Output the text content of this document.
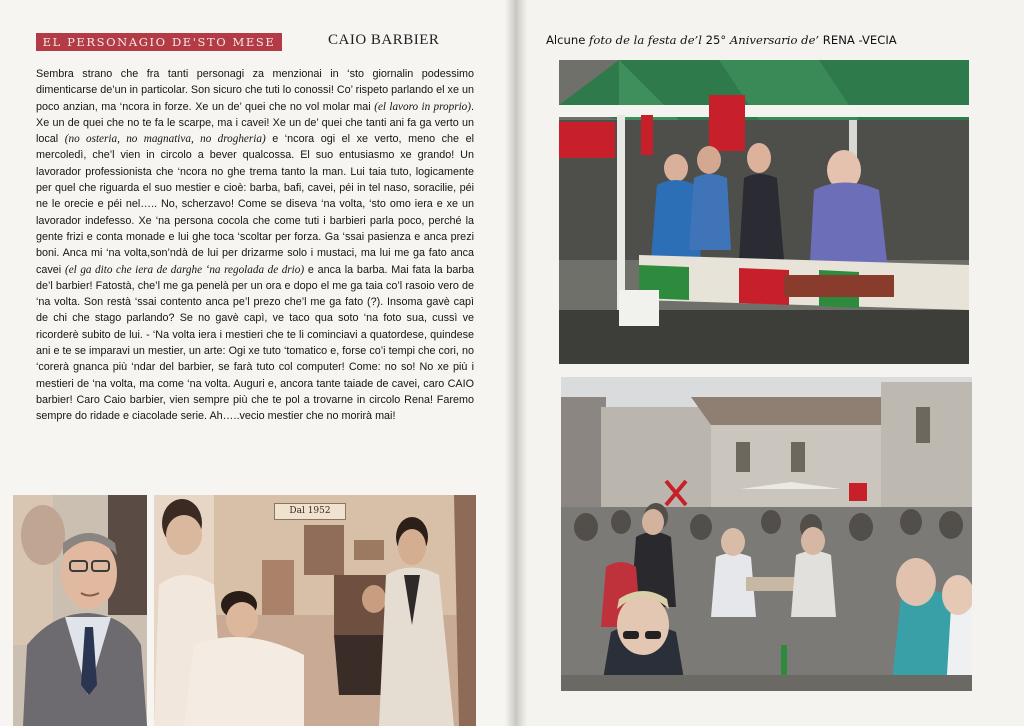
EL PERSONAGIO DE'STO MESE	CAIO BARBIER

Sembra strano che fra tanti personagi za menzionai in ‘sto giornalin podessimo dimenticarse de’un in particolar. Son sicuro che tuti lo conossi! Co’ rispeto parlando el xe un poco anzian, ma ‘ncora in forze. Xe un de’ quei che no vol molar mai (el lavoro in proprio). Xe un de quei che no te fa le scarpe, ma i cavei! Xe un de’ quei che tanti ani fa ga verto un local (no osteria, no magnativa, no drogheria) e ‘ncora ogi el xe verto, meno che el mercoledì, che’l vien in circolo a bever qualcossa. El suo entusiasmo xe grando! Un lavorador professionista che ‘ncora no ghe trema tanto la man. Lui taia tuto, logicamente per quel che riguarda el suo mestier e cioè: barba, bafi, cavei, péi in tel naso, soracilie, péi ne le orecie e péi nel….. No, scherzavo! Come se diseva ‘na volta, ‘sto omo iera e xe un lavorador indefesso. Xe ‘na persona cocola che come tuti i barbieri parla poco, perché la gente frizi e conta monade e lui ghe toca ‘scoltar per forza. Ga ‘ssai pasienza e anca prezi boni. Anca mi ‘na volta,son’ndà de lui per drizarme solo i mustaci, ma lui me ga fato anca cavei (el ga dito che iera de darghe ‘na regolada de drio) e anca la barba. Mai fata la barba de’l barbier! Fatostà, che’l me ga penelà per un ora e dopo el me ga taia co’l rasoio vero de ‘na volta. Son restà ‘ssai contento anca pe’l prezo che’l me ga fato (?). Insoma gavè capì de chi che stago parlando? Se no gavè capì, ve taco qua soto ‘na foto sua, cussì ve ricorderè subito de lui. - ‘Na volta iera i mestieri che te li cominciavi a quatordese, quindese ani e te se imparavi un mestier, un arte: Ogi xe tuto ‘tomatico e, forse co’i tempi che cori, no ‘corerà gnanca più ‘ndar del barbier, se farà tuto col computer! Come: no so! No xe più i mestieri de ‘na volta, ma come ‘na volta. Auguri e, ancora tante taiade de cavei, caro CAIO barbier! Caro Caio barbier, vien sempre più che te pol a trovarne in circolo Rena! Faremo sempre do ridade e ciacolade serie. Ah…..vecio mestier che no morirà mai!

Dal 1952
Alcune foto de la festa de’l 25° Aniversario de’ RENA -VECIA
